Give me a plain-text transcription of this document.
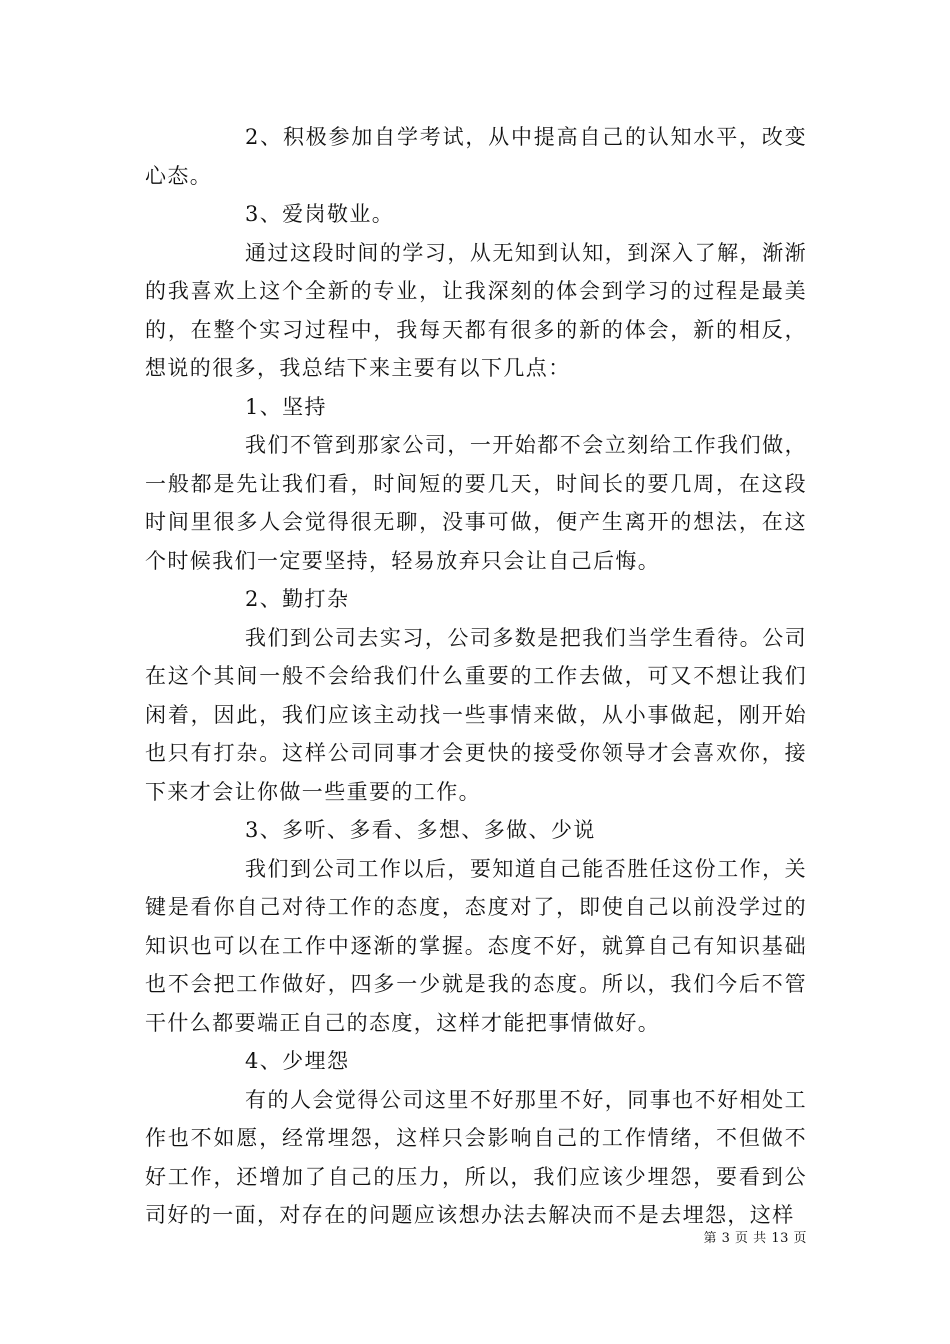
2、积极参加自学考试，从中提高自己的认知水平，改变心态。

3、爱岗敬业。

通过这段时间的学习，从无知到认知，到深入了解，渐渐的我喜欢上这个全新的专业，让我深刻的体会到学习的过程是最美的，在整个实习过程中，我每天都有很多的新的体会，新的相反，想说的很多，我总结下来主要有以下几点：

1、坚持

我们不管到那家公司，一开始都不会立刻给工作我们做，一般都是先让我们看，时间短的要几天，时间长的要几周，在这段时间里很多人会觉得很无聊，没事可做，便产生离开的想法，在这个时候我们一定要坚持，轻易放弃只会让自己后悔。

2、勤打杂

我们到公司去实习，公司多数是把我们当学生看待。公司在这个其间一般不会给我们什么重要的工作去做，可又不想让我们闲着，因此，我们应该主动找一些事情来做，从小事做起，刚开始也只有打杂。这样公司同事才会更快的接受你领导才会喜欢你，接下来才会让你做一些重要的工作。

3、多听、多看、多想、多做、少说

我们到公司工作以后，要知道自己能否胜任这份工作，关键是看你自己对待工作的态度，态度对了，即使自己以前没学过的知识也可以在工作中逐渐的掌握。态度不好，就算自己有知识基础也不会把工作做好，四多一少就是我的态度。所以，我们今后不管干什么都要端正自己的态度，这样才能把事情做好。

4、少埋怨

有的人会觉得公司这里不好那里不好，同事也不好相处工作也不如愿，经常埋怨，这样只会影响自己的工作情绪，不但做不好工作，还增加了自己的压力，所以，我们应该少埋怨，要看到公司好的一面，对存在的问题应该想办法去解决而不是去埋怨，这样

第 3 页 共 13 页
